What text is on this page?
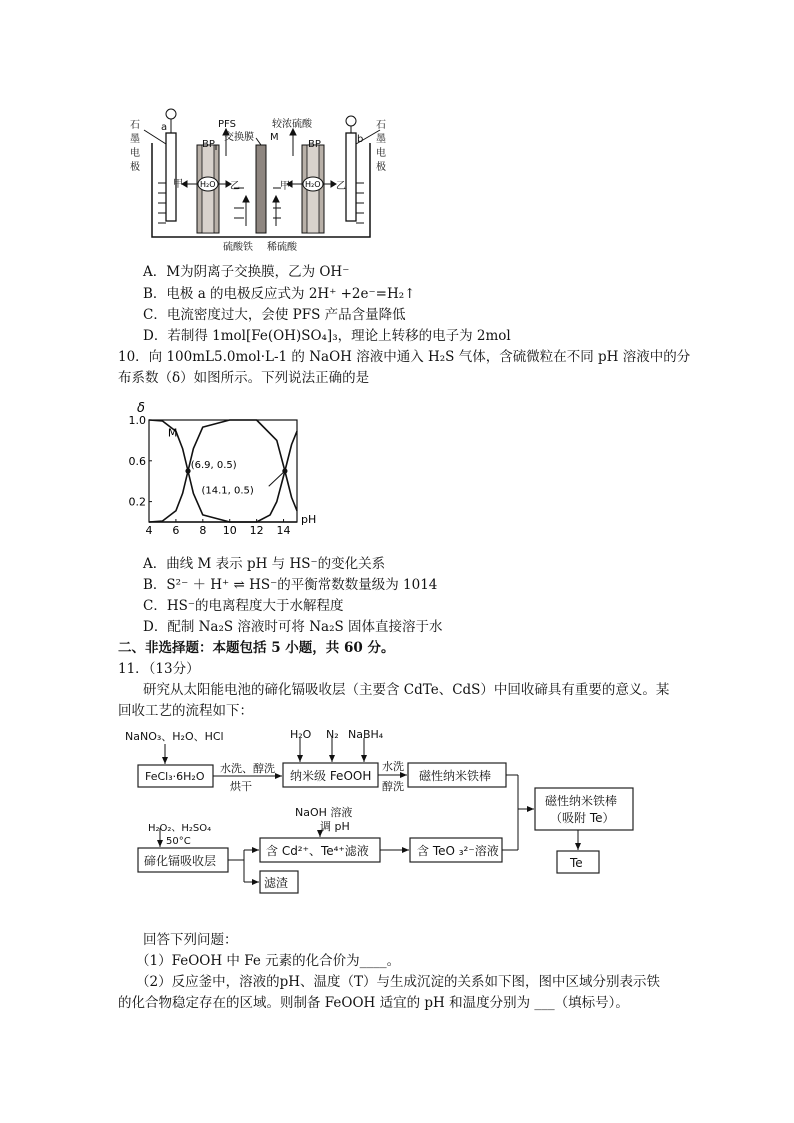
石
墨
电
极
a	石
墨
电
极
b
PFS
交换膜
较浓硫酸
M
BP	BP
甲	乙	甲	乙
H₂O	H₂O
硫酸铁 稀硫酸
A．M为阴离子交换膜，乙为 OH⁻
B．电极 a 的电极反应式为 2H⁺ +2e⁻=H₂↑
C．电流密度过大，会使 PFS 产品含量降低
D．若制得 1mol[Fe(OH)SO₄]₃，理论上转移的电子为 2mol
10．向 100mL5.0mol·L-1 的 NaOH 溶液中通入 H₂S 气体，含硫微粒在不同 pH 溶液中的分
布系数（δ）如图所示。下列说法正确的是
δ
pH
4 6 8 10 12 14
1.0
0.6
0.2
M
(6.9, 0.5)
(14.1, 0.5)
A．曲线 M 表示 pH 与 HS⁻的变化关系
B．S²⁻ ＋ H⁺ ⇌ HS⁻的平衡常数数量级为 1014
C．HS⁻的电离程度大于水解程度
D．配制 Na₂S 溶液时可将 Na₂S 固体直接溶于水
二、非选择题：本题包括 5 小题，共 60 分。
11．（13分）
研究从太阳能电池的碲化镉吸收层（主要含 CdTe、CdS）中回收碲具有重要的意义。某
回收工艺的流程如下：
NaNO₃、H₂O、HCl
FeCl₃·6H₂O
水洗、醇洗
烘干
H₂O N₂ NaBH₄
纳米级 FeOOH
水洗
醇洗
磁性纳米铁棒
磁性纳米铁棒
（吸附 Te）
Te
H₂O₂、H₂SO₄
50°C
碲化镉吸收层
NaOH 溶液
调 pH
含 Cd²⁺、Te⁴⁺滤液	含 TeO ₃²⁻溶液
滤渣
回答下列问题：
（1）FeOOH 中 Fe 元素的化合价为____。
（2）反应釜中，溶液的pH、温度（T）与生成沉淀的关系如下图，图中区域分别表示铁
的化合物稳定存在的区域。则制备 FeOOH 适宜的 pH 和温度分别为 ___（填标号）。
